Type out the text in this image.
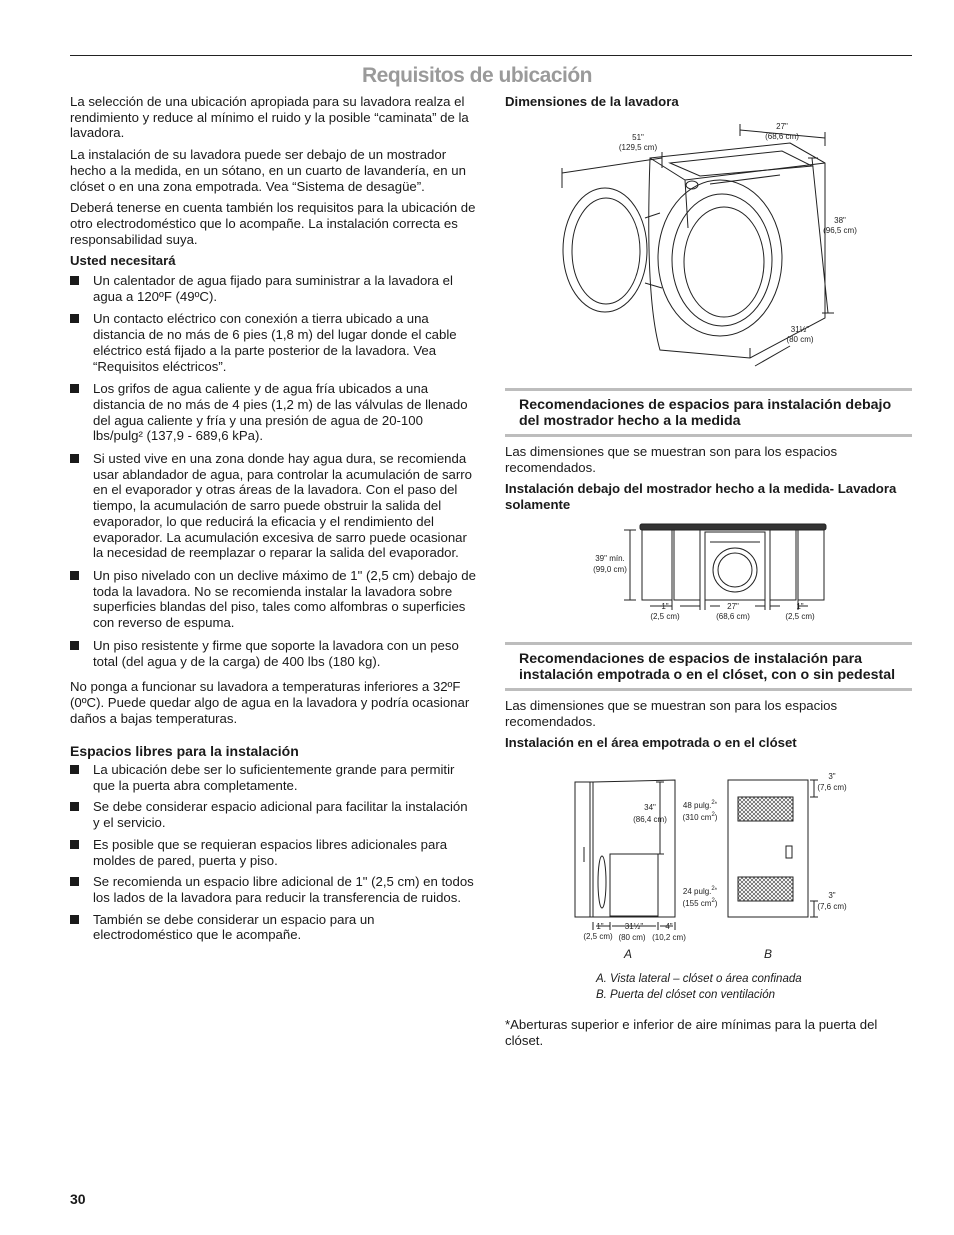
Requisitos de ubicación

La selección de una ubicación apropiada para su lavadora realza el rendimiento y reduce al mínimo el ruido y la posible “caminata” de la lavadora.

La instalación de su lavadora puede ser debajo de un mostrador hecho a la medida, en un sótano, en un cuarto de lavandería, en un clóset o en una zona empotrada. Vea “Sistema de desagüe”.

Deberá tenerse en cuenta también los requisitos para la ubicación de otro electrodoméstico que lo acompañe. La instalación correcta es responsabilidad suya.

Usted necesitará
Un calentador de agua fijado para suministrar a la lavadora el agua a 120ºF (49ºC).
Un contacto eléctrico con conexión a tierra ubicado a una distancia de no más de 6 pies (1,8 m) del lugar donde el cable eléctrico está fijado a la parte posterior de la lavadora. Vea “Requisitos eléctricos”.
Los grifos de agua caliente y de agua fría ubicados a una distancia de no más de 4 pies (1,2 m) de las válvulas de llenado del agua caliente y fría y una presión de agua de 20-100 lbs/pulg² (137,9 - 689,6 kPa).
Si usted vive en una zona donde hay agua dura, se recomienda usar ablandador de agua, para controlar la acumulación de sarro en el evaporador y otras áreas de la lavadora. Con el paso del tiempo, la acumulación de sarro puede obstruir la salida del evaporador, lo que reducirá la eficacia y el rendimiento del evaporador. La acumulación excesiva de sarro puede ocasionar la necesidad de reemplazar o reparar la salida del evaporador.
Un piso nivelado con un declive máximo de 1" (2,5 cm) debajo de toda la lavadora. No se recomienda instalar la lavadora sobre superficies blandas del piso, tales como alfombras o superficies con reverso de espuma.
Un piso resistente y firme que soporte la lavadora con un peso total (del agua y de la carga) de 400 lbs (180 kg).

No ponga a funcionar su lavadora a temperaturas inferiores a 32ºF (0ºC). Puede quedar algo de agua en la lavadora y podría ocasionar daños a bajas temperaturas.

Espacios libres para la instalación
La ubicación debe ser lo suficientemente grande para permitir que la puerta abra completamente.
Se debe considerar espacio adicional para facilitar la instalación y el servicio.
Es posible que se requieran espacios libres adicionales para moldes de pared, puerta y piso.
Se recomienda un espacio libre adicional de 1" (2,5 cm) en todos los lados de la lavadora para reducir la transferencia de ruidos.
También se debe considerar un espacio para un electrodoméstico que le acompañe.
Dimensiones de la lavadora
51"
(129,5 cm)
27"
(68,6 cm)
38"
(96,5 cm)
31½"
(80 cm)
Recomendaciones de espacios para instalación debajo del mostrador hecho a la medida
Las dimensiones que se muestran son para los espacios recomendados.
Instalación debajo del mostrador hecho a la medida- Lavadora solamente
39" mín.
(99,0 cm)
1"
(2,5 cm)
27"
(68,6 cm)
1"
(2,5 cm)
Recomendaciones de espacios de instalación para instalación empotrada o en el clóset, con o sin pedestal
Las dimensiones que se muestran son para los espacios recomendados.
Instalación en el área empotrada o en el clóset
34"
(86,4 cm)
48 pulg.$^2_*$
(310 $cm^2$)
24 pulg.$^2_*$
(155 $cm^2$)
3"
(7,6 cm)
3"
(7,6 cm)
1"
(2,5 cm)
31½"
(80 cm)
4"
(10,2 cm)
A	B
A. Vista lateral – clóset o área confinada
B. Puerta del clóset con ventilación
*Aberturas superior e inferior de aire mínimas para la puerta del clóset.
30
